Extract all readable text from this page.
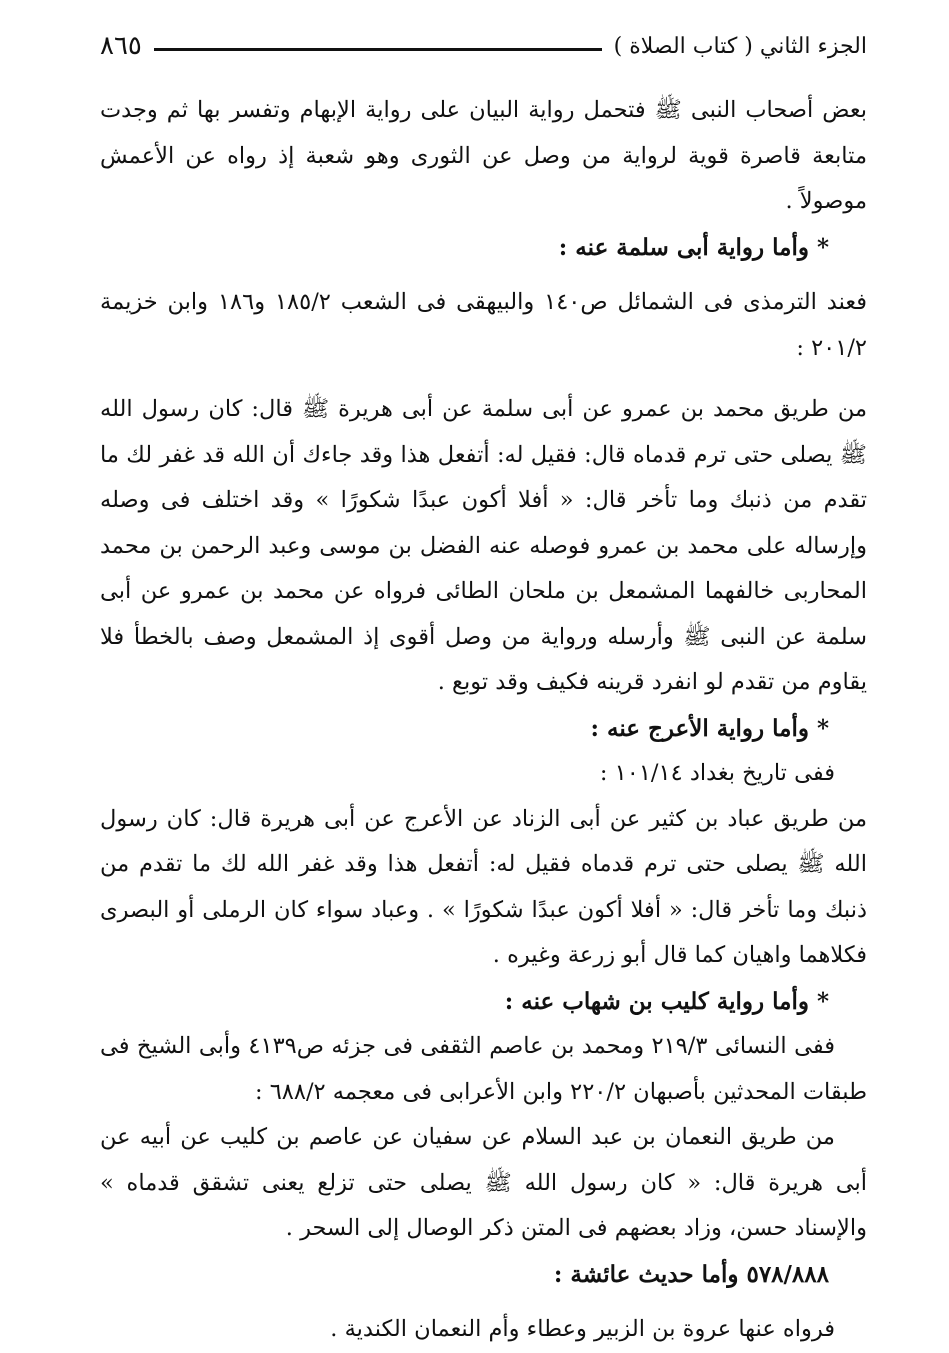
الجزء الثاني ( كتاب الصلاة )
٨٦٥

بعض أصحاب النبى ﷺ فتحمل رواية البيان على رواية الإبهام وتفسر بها ثم وجدت متابعة قاصرة قوية لرواية من وصل عن الثورى وهو شعبة إذ رواه عن الأعمش موصولاً .

* وأما رواية أبى سلمة عنه :

فعند الترمذى فى الشمائل ص١٤٠ والبيهقى فى الشعب ١٨٥/٢ و١٨٦ وابن خزيمة ٢٠١/٢ :

من طريق محمد بن عمرو عن أبى سلمة عن أبى هريرة ﷺ قال: كان رسول الله ﷺ يصلى حتى ترم قدماه قال: فقيل له: أتفعل هذا وقد جاءك أن الله قد غفر لك ما تقدم من ذنبك وما تأخر قال: « أفلا أكون عبدًا شكورًا » وقد اختلف فى وصله وإرساله على محمد بن عمرو فوصله عنه الفضل بن موسى وعبد الرحمن بن محمد المحاربى خالفهما المشمعل بن ملحان الطائى فرواه عن محمد بن عمرو عن أبى سلمة عن النبى ﷺ وأرسله ورواية من وصل أقوى إذ المشمعل وصف بالخطأ فلا يقاوم من تقدم لو انفرد قرينه فكيف وقد توبع .

* وأما رواية الأعرج عنه :

ففى تاريخ بغداد ١٠١/١٤ :

من طريق عباد بن كثير عن أبى الزناد عن الأعرج عن أبى هريرة قال: كان رسول الله ﷺ يصلى حتى ترم قدماه فقيل له: أتفعل هذا وقد غفر الله لك ما تقدم من ذنبك وما تأخر قال: « أفلا أكون عبدًا شكورًا » . وعباد سواء كان الرملى أو البصرى فكلاهما واهيان كما قال أبو زرعة وغيره .

* وأما رواية كليب بن شهاب عنه :

ففى النسائى ٢١٩/٣ ومحمد بن عاصم الثقفى فى جزئه ص٤١٣٩ وأبى الشيخ فى طبقات المحدثين بأصبهان ٢٢٠/٢ وابن الأعرابى فى معجمه ٦٨٨/٢ :

من طريق النعمان بن عبد السلام عن سفيان عن عاصم بن كليب عن أبيه عن أبى هريرة قال: « كان رسول الله ﷺ يصلى حتى تزلع يعنى تشقق قدماه » والإسناد حسن، وزاد بعضهم فى المتن ذكر الوصال إلى السحر .

٥٧٨/٨٨٨ وأما حديث عائشة :

فرواه عنها عروة بن الزبير وعطاء وأم النعمان الكندية .
